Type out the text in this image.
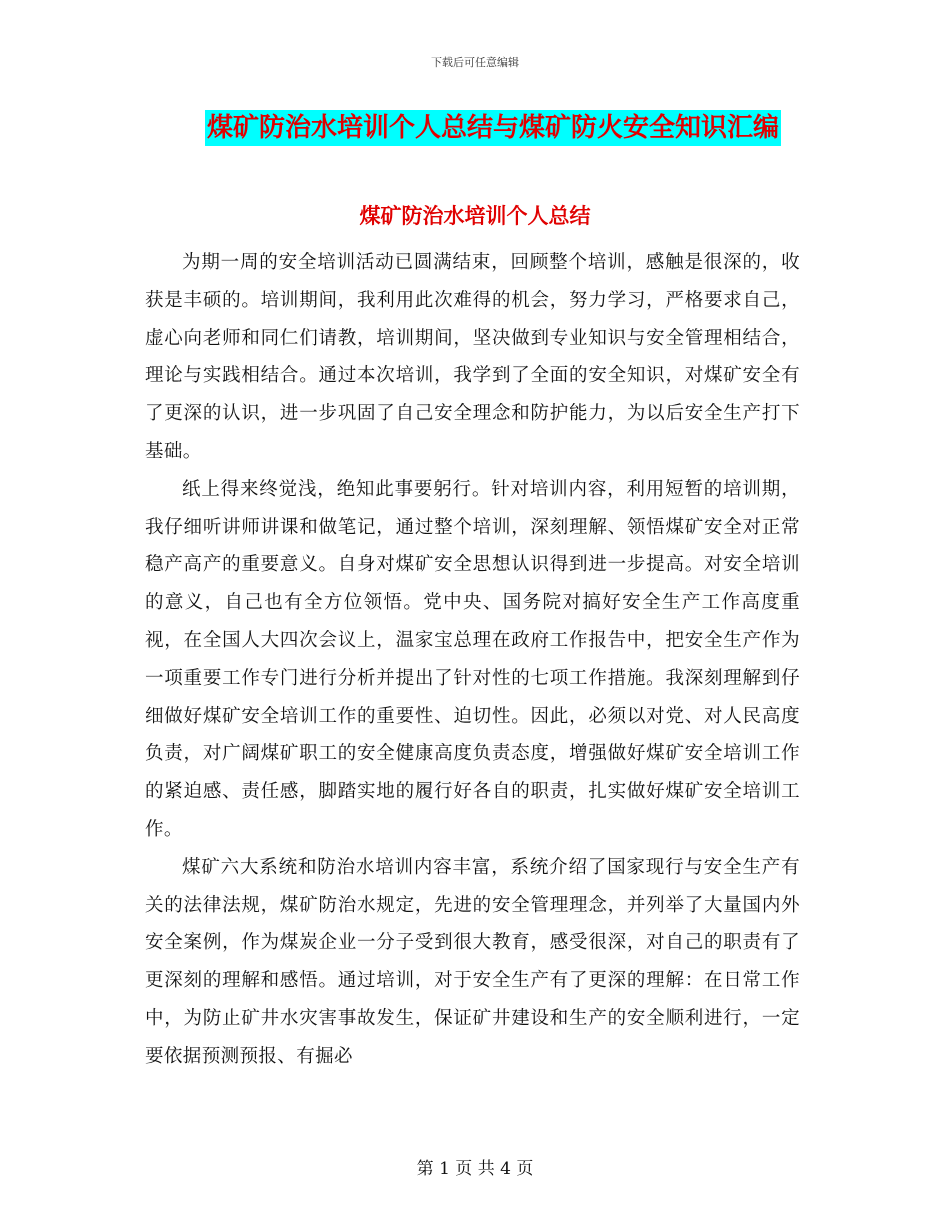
下载后可任意编辑
煤矿防治水培训个人总结与煤矿防火安全知识汇编
煤矿防治水培训个人总结

为期一周的安全培训活动已圆满结束，回顾整个培训，感触是很深的，收获是丰硕的。培训期间，我利用此次难得的机会，努力学习，严格要求自己，虚心向老师和同仁们请教，培训期间，坚决做到专业知识与安全管理相结合，理论与实践相结合。通过本次培训，我学到了全面的安全知识，对煤矿安全有了更深的认识，进一步巩固了自己安全理念和防护能力，为以后安全生产打下基础。

纸上得来终觉浅，绝知此事要躬行。针对培训内容，利用短暂的培训期，我仔细听讲师讲课和做笔记，通过整个培训，深刻理解、领悟煤矿安全对正常稳产高产的重要意义。自身对煤矿安全思想认识得到进一步提高。对安全培训的意义，自己也有全方位领悟。党中央、国务院对搞好安全生产工作高度重视，在全国人大四次会议上，温家宝总理在政府工作报告中，把安全生产作为一项重要工作专门进行分析并提出了针对性的七项工作措施。我深刻理解到仔细做好煤矿安全培训工作的重要性、迫切性。因此，必须以对党、对人民高度负责，对广阔煤矿职工的安全健康高度负责态度，增强做好煤矿安全培训工作的紧迫感、责任感，脚踏实地的履行好各自的职责，扎实做好煤矿安全培训工作。

煤矿六大系统和防治水培训内容丰富，系统介绍了国家现行与安全生产有关的法律法规，煤矿防治水规定，先进的安全管理理念，并列举了大量国内外安全案例，作为煤炭企业一分子受到很大教育，感受很深，对自己的职责有了更深刻的理解和感悟。通过培训，对于安全生产有了更深的理解：在日常工作中，为防止矿井水灾害事故发生，保证矿井建设和生产的安全顺利进行，一定要依据预测预报、有掘必

第 1 页 共 4 页
